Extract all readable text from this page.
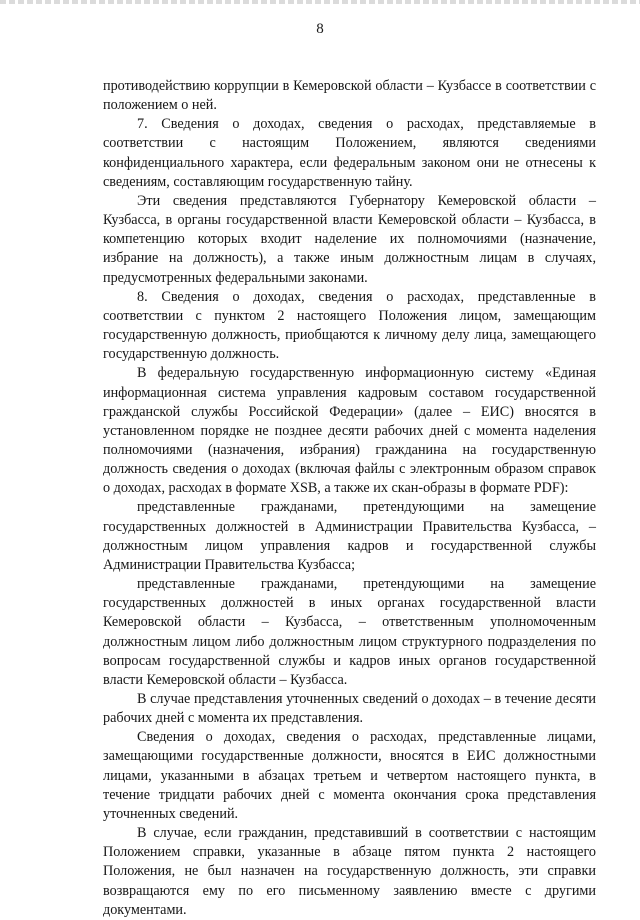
8

противодействию коррупции в Кемеровской области – Кузбассе в соответствии с положением о ней.

7. Сведения о доходах, сведения о расходах, представляемые в соответствии с настоящим Положением, являются сведениями конфиденциального характера, если федеральным законом они не отнесены к сведениям, составляющим государственную тайну.

Эти сведения представляются Губернатору Кемеровской области – Кузбасса, в органы государственной власти Кемеровской области – Кузбасса, в компетенцию которых входит наделение их полномочиями (назначение, избрание на должность), а также иным должностным лицам в случаях, предусмотренных федеральными законами.

8. Сведения о доходах, сведения о расходах, представленные в соответствии с пунктом 2 настоящего Положения лицом, замещающим государственную должность, приобщаются к личному делу лица, замещающего государственную должность.

В федеральную государственную информационную систему «Единая информационная система управления кадровым составом государственной гражданской службы Российской Федерации» (далее – ЕИС) вносятся в установленном порядке не позднее десяти рабочих дней с момента наделения полномочиями (назначения, избрания) гражданина на государственную должность сведения о доходах (включая файлы с электронным образом справок о доходах, расходах в формате XSB, а также их скан-образы в формате PDF):

представленные гражданами, претендующими на замещение государственных должностей в Администрации Правительства Кузбасса, – должностным лицом управления кадров и государственной службы Администрации Правительства Кузбасса;

представленные гражданами, претендующими на замещение государственных должностей в иных органах государственной власти Кемеровской области – Кузбасса, – ответственным уполномоченным должностным лицом либо должностным лицом структурного подразделения по вопросам государственной службы и кадров иных органов государственной власти Кемеровской области – Кузбасса.

В случае представления уточненных сведений о доходах – в течение десяти рабочих дней с момента их представления.

Сведения о доходах, сведения о расходах, представленные лицами, замещающими государственные должности, вносятся в ЕИС должностными лицами, указанными в абзацах третьем и четвертом настоящего пункта, в течение тридцати рабочих дней с момента окончания срока представления уточненных сведений.

В случае, если гражданин, представивший в соответствии с настоящим Положением справки, указанные в абзаце пятом пункта 2 настоящего Положения, не был назначен на государственную должность, эти справки возвращаются ему по его письменному заявлению вместе с другими документами.
